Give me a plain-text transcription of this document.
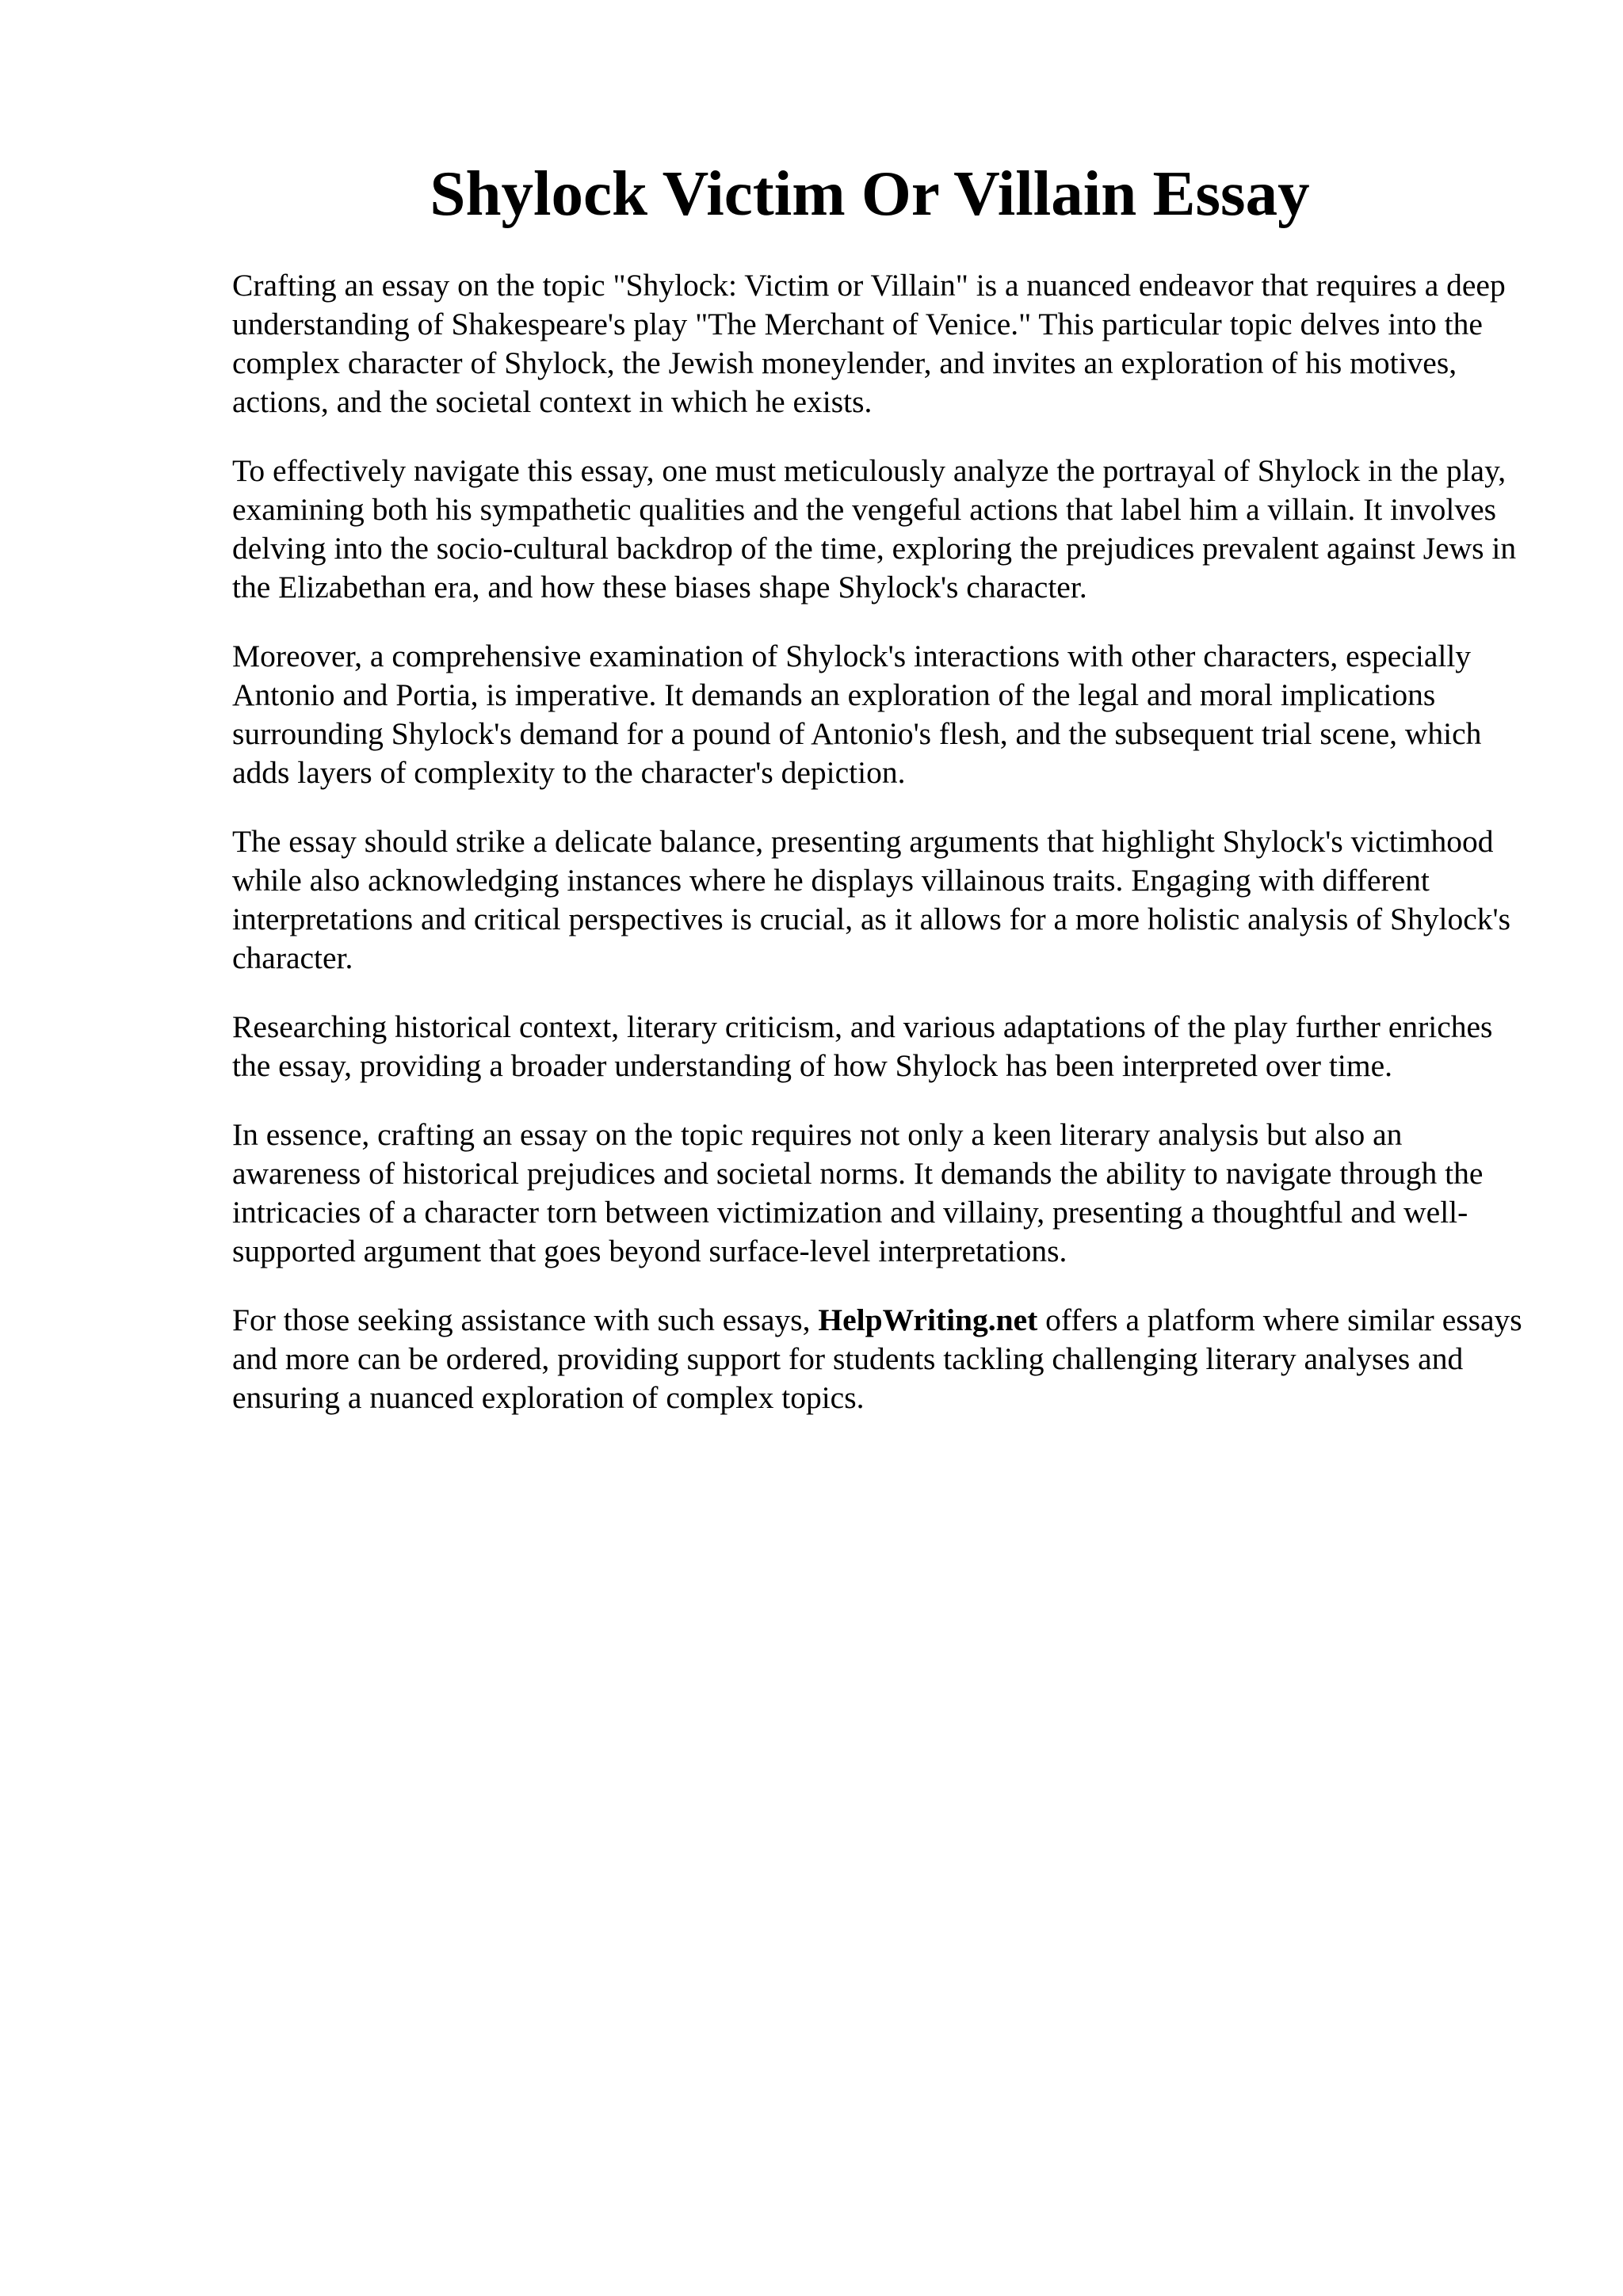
Shylock Victim Or Villain Essay

Crafting an essay on the topic "Shylock: Victim or Villain" is a nuanced endeavor that requires a deep understanding of Shakespeare's play "The Merchant of Venice." This particular topic delves into the complex character of Shylock, the Jewish moneylender, and invites an exploration of his motives, actions, and the societal context in which he exists.

To effectively navigate this essay, one must meticulously analyze the portrayal of Shylock in the play, examining both his sympathetic qualities and the vengeful actions that label him a villain. It involves delving into the socio-cultural backdrop of the time, exploring the prejudices prevalent against Jews in the Elizabethan era, and how these biases shape Shylock's character.

Moreover, a comprehensive examination of Shylock's interactions with other characters, especially Antonio and Portia, is imperative. It demands an exploration of the legal and moral implications surrounding Shylock's demand for a pound of Antonio's flesh, and the subsequent trial scene, which adds layers of complexity to the character's depiction.

The essay should strike a delicate balance, presenting arguments that highlight Shylock's victimhood while also acknowledging instances where he displays villainous traits. Engaging with different interpretations and critical perspectives is crucial, as it allows for a more holistic analysis of Shylock's character.

Researching historical context, literary criticism, and various adaptations of the play further enriches the essay, providing a broader understanding of how Shylock has been interpreted over time.

In essence, crafting an essay on the topic requires not only a keen literary analysis but also an awareness of historical prejudices and societal norms. It demands the ability to navigate through the intricacies of a character torn between victimization and villainy, presenting a thoughtful and well-supported argument that goes beyond surface-level interpretations.

For those seeking assistance with such essays, HelpWriting.net offers a platform where similar essays and more can be ordered, providing support for students tackling challenging literary analyses and ensuring a nuanced exploration of complex topics.
